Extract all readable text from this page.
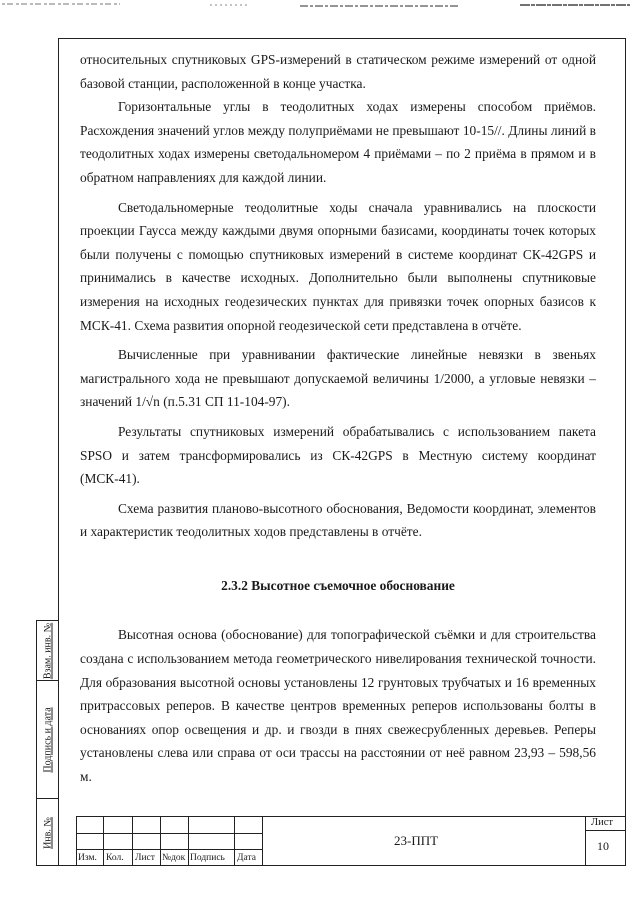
относительных спутниковых GPS-измерений в статическом режиме измерений от одной базовой станции, расположенной в конце участка.

Горизонтальные углы в теодолитных ходах измерены способом приёмов. Расхождения значений углов между полуприёмами не превышают 10-15//. Длины линий в теодолитных ходах измерены светодальномером 4 приёмами – по 2 приёма в прямом и в обратном направлениях для каждой линии.

Светодальномерные теодолитные ходы сначала уравнивались на плоскости проекции Гаусса между каждыми двумя опорными базисами, координаты точек которых были получены с помощью спутниковых измерений в системе координат СК-42GPS и принимались в качестве исходных. Дополнительно были выполнены спутниковые измерения на исходных геодезических пунктах для привязки точек опорных базисов к МСК-41. Схема развития опорной геодезической сети представлена в отчёте.

Вычисленные при уравнивании фактические линейные невязки в звеньях магистрального хода не превышают допускаемой величины 1/2000, а угловые невязки – значений 1/√n (п.5.31 СП 11-104-97).

Результаты спутниковых измерений обрабатывались с использованием пакета SPSO и затем трансформировались из СК-42GPS в Местную систему координат (МСК-41).

Схема развития планово-высотного обоснования, Ведомости координат, элементов и характеристик теодолитных ходов представлены в отчёте.

2.3.2 Высотное съемочное обоснование

Высотная основа (обоснование) для топографической съёмки и для строительства создана с использованием метода геометрического нивелирования технической точности. Для образования высотной основы установлены 12 грунтовых трубчатых и 16 временных притрассовых реперов. В качестве центров временных реперов использованы болты в основаниях опор освещения и др. и гвозди в пнях свежесрубленных деревьев. Реперы установлены слева или справа от оси трассы на расстоянии от неё равном 23,93 – 598,56 м.

Взам. инв. №
Подпись и дата
Инв. №
Изм. Кол. Лист №док Подпись Дата
23-ППТ
Лист
10
